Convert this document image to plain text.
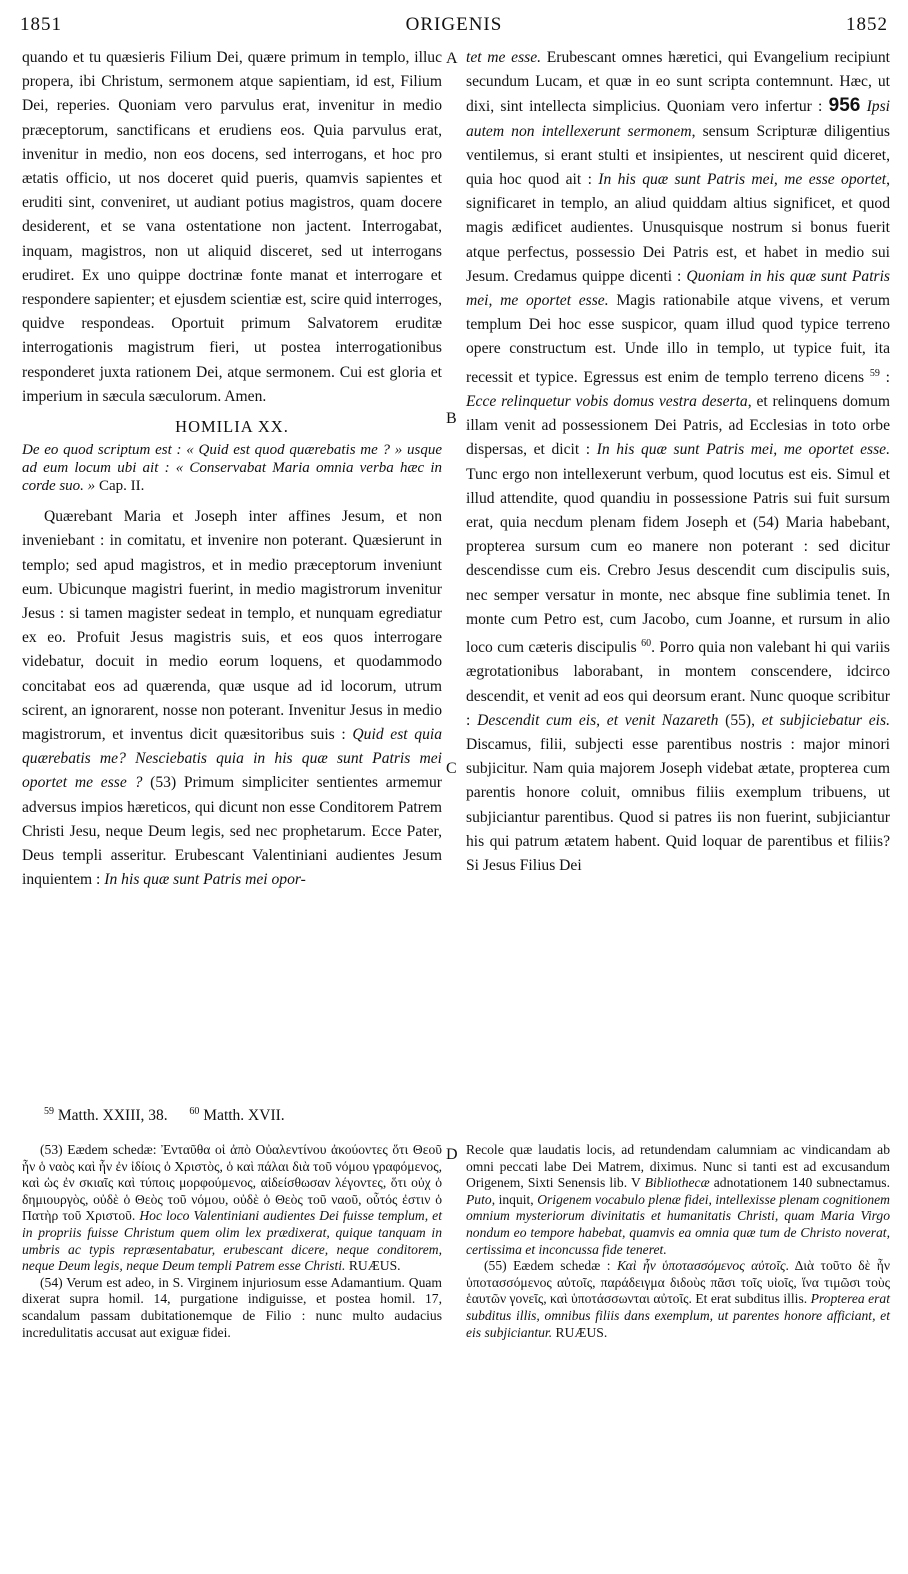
1851	ORIGENIS	1852
A
B
C
D

quando et tu quæsieris Filium Dei, quære primum in templo, illuc propera, ibi Christum, sermonem atque sapientiam, id est, Filium Dei, reperies. Quoniam vero parvulus erat, invenitur in medio præceptorum, sanctificans et erudiens eos. Quia parvulus erat, invenitur in medio, non eos docens, sed interrogans, et hoc pro ætatis officio, ut nos doceret quid pueris, quamvis sapientes et eruditi sint, conveniret, ut audiant potius magistros, quam docere desiderent, et se vana ostentatione non jactent. Interrogabat, inquam, magistros, non ut aliquid disceret, sed ut interrogans erudiret. Ex uno quippe doctrinæ fonte manat et interrogare et respondere sapienter; et ejusdem scientiæ est, scire quid interroges, quidve respondeas. Oportuit primum Salvatorem eruditæ interrogationis magistrum fieri, ut postea interrogationibus responderet juxta rationem Dei, atque sermonem. Cui est gloria et imperium in sæcula sæculorum. Amen.

HOMILIA XX.
De eo quod scriptum est : « Quid est quod quærebatis me ? » usque ad eum locum ubi ait : « Conservabat Maria omnia verba hæc in corde suo. » Cap. II.

Quærebant Maria et Joseph inter affines Jesum, et non inveniebant : in comitatu, et invenire non poterant. Quæsierunt in templo; sed apud magistros, et in medio præceptorum inveniunt eum. Ubicunque magistri fuerint, in medio magistrorum invenitur Jesus : si tamen magister sedeat in templo, et nunquam egrediatur ex eo. Profuit Jesus magistris suis, et eos quos interrogare videbatur, docuit in medio eorum loquens, et quodammodo concitabat eos ad quærenda, quæ usque ad id locorum, utrum scirent, an ignorarent, nosse non poterant. Invenitur Jesus in medio magistrorum, et inventus dicit quæsitoribus suis : Quid est quia quærebatis me? Nesciebatis quia in his quæ sunt Patris mei oportet me esse ? (53) Primum simpliciter sentientes armemur adversus impios hæreticos, qui dicunt non esse Conditorem Patrem Christi Jesu, neque Deum legis, sed nec prophetarum. Ecce Pater, Deus templi asseritur. Erubescant Valentiniani audientes Jesum inquientem : In his quæ sunt Patris mei opor-

tet me esse. Erubescant omnes hæretici, qui Evangelium recipiunt secundum Lucam, et quæ in eo sunt scripta contemnunt. Hæc, ut dixi, sint intellecta simplicius. Quoniam vero infertur : 956 Ipsi autem non intellexerunt sermonem, sensum Scripturæ diligentius ventilemus, si erant stulti et insipientes, ut nescirent quid diceret, quia hoc quod ait : In his quæ sunt Patris mei, me esse oportet, significaret in templo, an aliud quiddam altius significet, et quod magis ædificet audientes. Unusquisque nostrum si bonus fuerit atque perfectus, possessio Dei Patris est, et habet in medio sui Jesum. Credamus quippe dicenti : Quoniam in his quæ sunt Patris mei, me oportet esse. Magis rationabile atque vivens, et verum templum Dei hoc esse suspicor, quam illud quod typice terreno opere constructum est. Unde illo in templo, ut typice fuit, ita recessit et typice. Egressus est enim de templo terreno dicens $^{59}$ : Ecce relinquetur vobis domus vestra deserta, et relinquens domum illam venit ad possessionem Dei Patris, ad Ecclesias in toto orbe dispersas, et dicit : In his quæ sunt Patris mei, me oportet esse. Tunc ergo non intellexerunt verbum, quod locutus est eis. Simul et illud attendite, quod quandiu in possessione Patris sui fuit sursum erat, quia necdum plenam fidem Joseph et (54) Maria habebant, propterea sursum cum eo manere non poterant : sed dicitur descendisse cum eis. Crebro Jesus descendit cum discipulis suis, nec semper versatur in monte, nec absque fine sublimia tenet. In monte cum Petro est, cum Jacobo, cum Joanne, et rursum in alio loco cum cæteris discipulis $^{60}$. Porro quia non valebant hi qui variis ægrotationibus laborabant, in montem conscendere, idcirco descendit, et venit ad eos qui deorsum erant. Nunc quoque scribitur : Descendit cum eis, et venit Nazareth (55), et subjiciebatur eis. Discamus, filii, subjecti esse parentibus nostris : major minori subjicitur. Nam quia majorem Joseph videbat ætate, propterea cum parentis honore coluit, omnibus filiis exemplum tribuens, ut subjiciantur parentibus. Quod si patres iis non fuerint, subjiciantur his qui patrum ætatem habent. Quid loquar de parentibus et filiis? Si Jesus Filius Dei

$^{59}$ Matth. XXIII, 38. $^{60}$ Matth. XVII.

(53) Eædem schedæ: Ἐνταῦθα οἱ ἀπὸ Οὐαλεντίνου ἀκούοντες ὅτι Θεοῦ ἦν ὁ ναὸς καὶ ἦν ἐν ἰδίοις ὁ Χριστὸς, ὁ καὶ πάλαι διὰ τοῦ νόμου γραφόμενος, καὶ ὡς ἐν σκιαῖς καὶ τύποις μορφούμενος, αἰδείσθωσαν λέγοντες, ὅτι οὐχ ὁ δημιουργὸς, οὐδὲ ὁ Θεὸς τοῦ νόμου, οὐδὲ ὁ Θεὸς τοῦ ναοῦ, οὗτός ἐστιν ὁ Πατὴρ τοῦ Χριστοῦ. Hoc loco Valentiniani audientes Dei fuisse templum, et in propriis fuisse Christum quem olim lex prædixerat, quique tanquam in umbris ac typis repræsentabatur, erubescant dicere, neque conditorem, neque Deum legis, neque Deum templi Patrem esse Christi. RUÆUS.

(54) Verum est adeo, in S. Virginem injuriosum esse Adamantium. Quam dixerat supra homil. 14, purgatione indiguisse, et postea homil. 17, scandalum passam dubitationemque de Filio : nunc multo audacius incredulitatis accusat aut exiguæ fidei.

Recole quæ laudatis locis, ad retundendam calumniam ac vindicandam ab omni peccati labe Dei Matrem, diximus. Nunc si tanti est ad excusandum Origenem, Sixti Senensis lib. V Bibliothecæ adnotationem 140 subnectamus. Puto, inquit, Origenem vocabulo plenæ fidei, intellexisse plenam cognitionem omnium mysteriorum divinitatis et humanitatis Christi, quam Maria Virgo nondum eo tempore habebat, quamvis ea omnia quæ tum de Christo noverat, certissima et inconcussa fide teneret.

(55) Eædem schedæ : Καὶ ἦν ὑποτασσόμενος αὐτοῖς. Διὰ τοῦτο δὲ ἦν ὑποτασσόμενος αὐτοῖς, παράδειγμα διδοὺς πᾶσι τοῖς υἱοῖς, ἵνα τιμῶσι τοὺς ἑαυτῶν γονεῖς, καὶ ὑποτάσσωνται αὐτοῖς. Et erat subditus illis. Propterea erat subditus illis, omnibus filiis dans exemplum, ut parentes honore afficiant, et eis subjiciantur. RUÆUS.
